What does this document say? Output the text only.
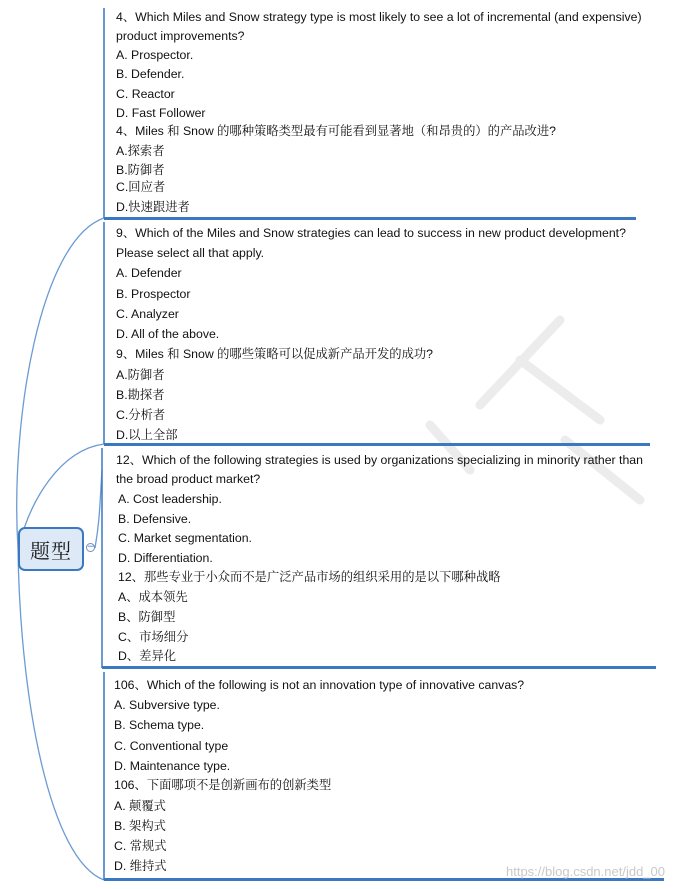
4、Which Miles and Snow strategy type is most likely to see a lot of incremental (and expensive)
product improvements?
A. Prospector.
B. Defender.
C. Reactor
D. Fast Follower
4、Miles 和 Snow 的哪种策略类型最有可能看到显著地（和昂贵的）的产品改进?
A.探索者
B.防御者
C.回应者
D.快速跟进者
9、Which of the Miles and Snow strategies can lead to success in new product development?
Please select all that apply.
A. Defender
B. Prospector
C. Analyzer
D. All of the above.
9、Miles 和 Snow 的哪些策略可以促成新产品开发的成功?
A.防御者
B.勘探者
C.分析者
D.以上全部
12、Which of the following strategies is used by organizations specializing in minority rather than
the broad product market?
A. Cost leadership.
B. Defensive.
C. Market segmentation.
D. Differentiation.
12、那些专业于小众而不是广泛产品市场的组织采用的是以下哪种战略
A、成本领先
B、防御型
C、市场细分
D、差异化
106、Which of the following is not an innovation type of innovative canvas?
A. Subversive type.
B. Schema type.
C. Conventional type
D. Maintenance type.
106、下面哪项不是创新画布的创新类型
A. 颠覆式
B. 架构式
C. 常规式
D. 维持式
题型 −
https://blog.csdn.net/jdd_00
